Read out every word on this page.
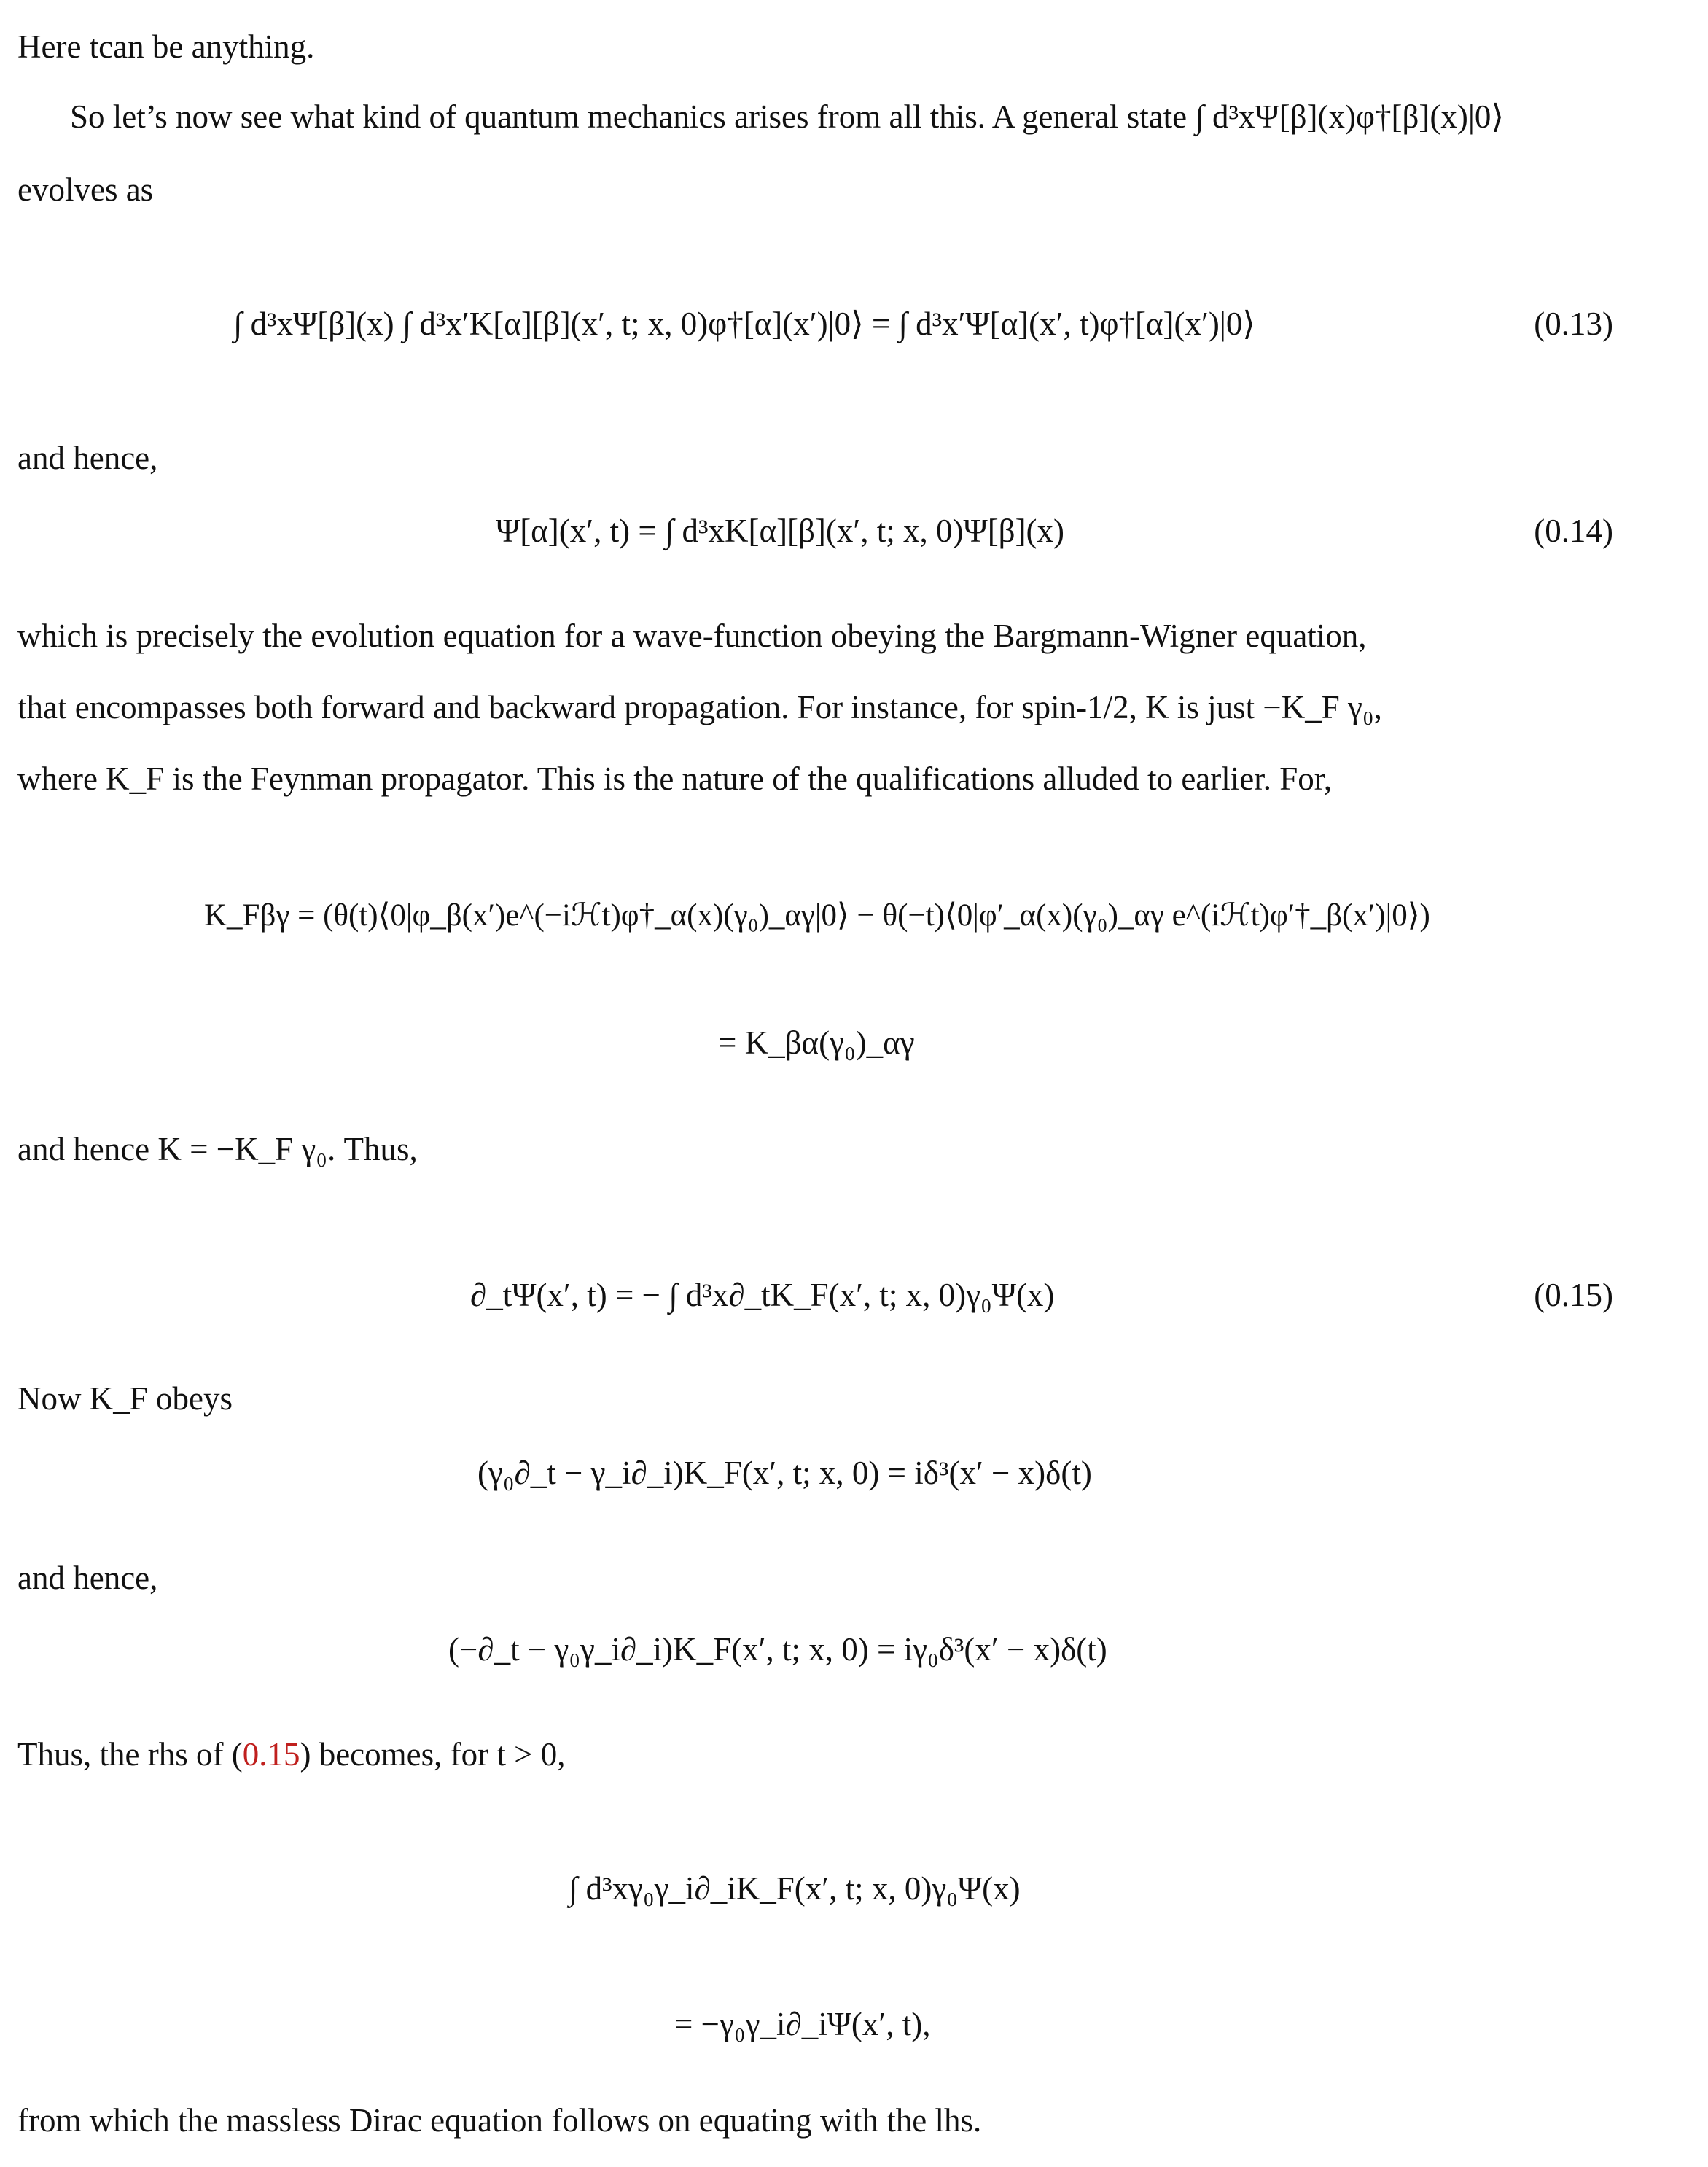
Here tcan be anything.
So let’s now see what kind of quantum mechanics arises from all this. A general state ∫ d³xΨ[β](x)φ†[β](x)|0⟩
evolves as
∫ d³xΨ[β](x) ∫ d³x′K[α][β](x′, t; x, 0)φ†[α](x′)|0⟩ = ∫ d³x′Ψ[α](x′, t)φ†[α](x′)|0⟩	(0.13)
and hence,
Ψ[α](x′, t) = ∫ d³xK[α][β](x′, t; x, 0)Ψ[β](x)	(0.14)
which is precisely the evolution equation for a wave-function obeying the Bargmann-Wigner equation,
that encompasses both forward and backward propagation. For instance, for spin-1/2, K is just −K_F γ₀,
where K_F is the Feynman propagator. This is the nature of the qualifications alluded to earlier. For,
K_Fβγ = (θ(t)⟨0|φ_β(x′)e^(−iℋt)φ†_α(x)(γ₀)_αγ|0⟩ − θ(−t)⟨0|φ′_α(x)(γ₀)_αγ e^(iℋt)φ′†_β(x′)|0⟩)
= K_βα(γ₀)_αγ
and hence K = −K_F γ₀. Thus,
∂_tΨ(x′, t) = − ∫ d³x∂_tK_F(x′, t; x, 0)γ₀Ψ(x)	(0.15)
Now K_F obeys
(γ₀∂_t − γ_i∂_i)K_F(x′, t; x, 0) = iδ³(x′ − x)δ(t)
and hence,
(−∂_t − γ₀γ_i∂_i)K_F(x′, t; x, 0) = iγ₀δ³(x′ − x)δ(t)
Thus, the rhs of (0.15) becomes, for t > 0,
∫ d³xγ₀γ_i∂_iK_F(x′, t; x, 0)γ₀Ψ(x)
= −γ₀γ_i∂_iΨ(x′, t),
from which the massless Dirac equation follows on equating with the lhs.
